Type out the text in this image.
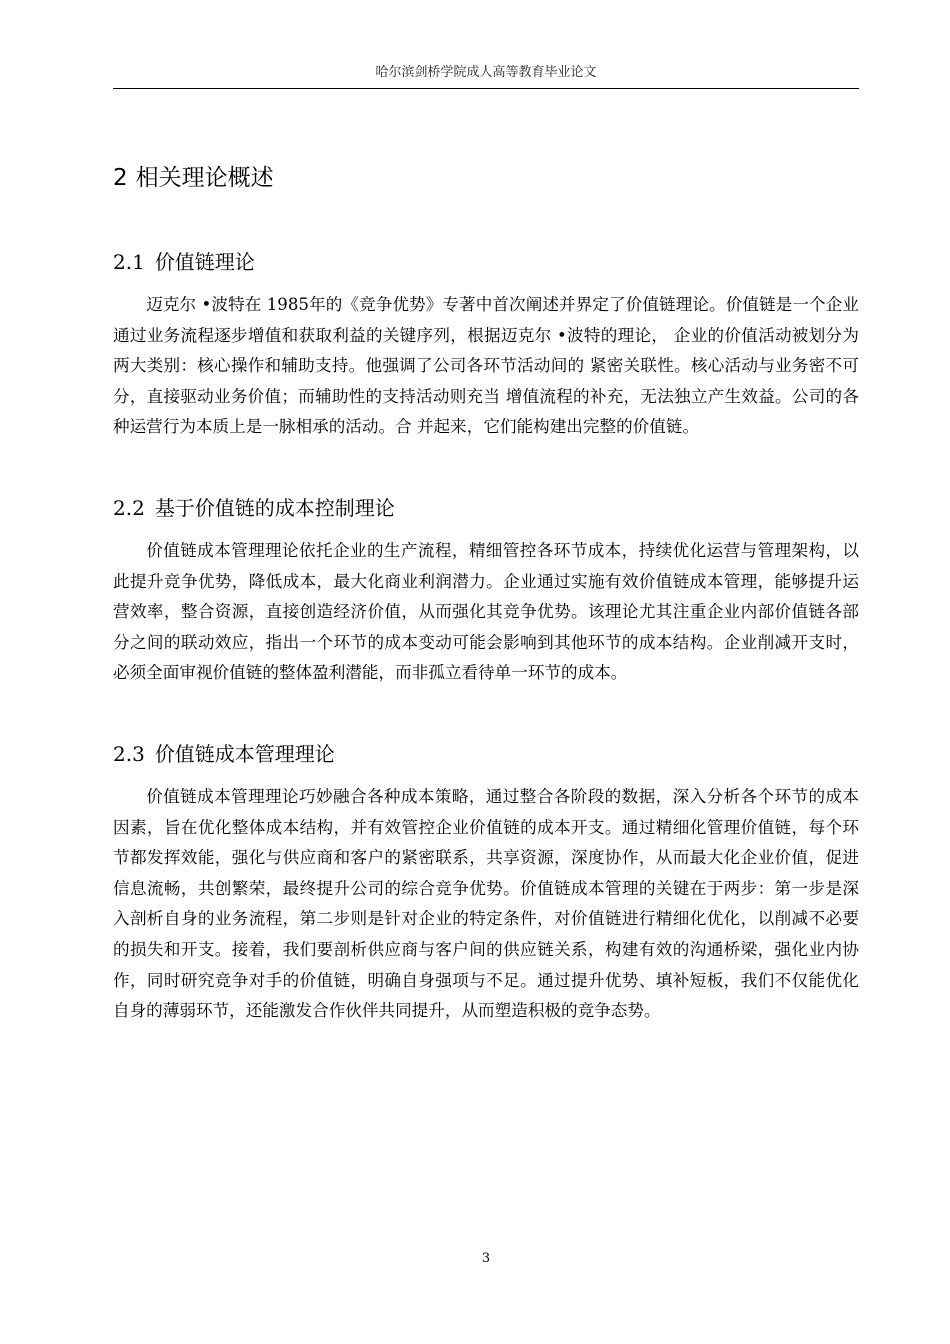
哈尔滨剑桥学院成人高等教育毕业论文
2 相关理论概述
2.1 价值链理论

迈克尔 •波特在 1985年的《竞争优势》专著中首次阐述并界定了价值链理论。价值链是一个企业通过业务流程逐步增值和获取利益的关键序列，根据迈克尔 •波特的理论， 企业的价值活动被划分为两大类别：核心操作和辅助支持。他强调了公司各环节活动间的 紧密关联性。核心活动与业务密不可分，直接驱动业务价值；而辅助性的支持活动则充当 增值流程的补充，无法独立产生效益。公司的各种运营行为本质上是一脉相承的活动。合 并起来，它们能构建出完整的价值链。

2.2 基于价值链的成本控制理论

价值链成本管理理论依托企业的生产流程，精细管控各环节成本，持续优化运营与管理架构，以此提升竞争优势，降低成本，最大化商业利润潜力。企业通过实施有效价值链成本管理，能够提升运营效率，整合资源，直接创造经济价值，从而强化其竞争优势。该理论尤其注重企业内部价值链各部分之间的联动效应，指出一个环节的成本变动可能会影响到其他环节的成本结构。企业削减开支时，必须全面审视价值链的整体盈利潜能，而非孤立看待单一环节的成本。

2.3 价值链成本管理理论

价值链成本管理理论巧妙融合各种成本策略，通过整合各阶段的数据，深入分析各个环节的成本因素，旨在优化整体成本结构，并有效管控企业价值链的成本开支。通过精细化管理价值链，每个环节都发挥效能，强化与供应商和客户的紧密联系，共享资源，深度协作，从而最大化企业价值，促进信息流畅，共创繁荣，最终提升公司的综合竞争优势。价值链成本管理的关键在于两步：第一步是深入剖析自身的业务流程，第二步则是针对企业的特定条件，对价值链进行精细化优化，以削减不必要的损失和开支。接着，我们要剖析供应商与客户间的供应链关系，构建有效的沟通桥梁，强化业内协作，同时研究竞争对手的价值链，明确自身强项与不足。通过提升优势、填补短板，我们不仅能优化自身的薄弱环节，还能激发合作伙伴共同提升，从而塑造积极的竞争态势。

3
